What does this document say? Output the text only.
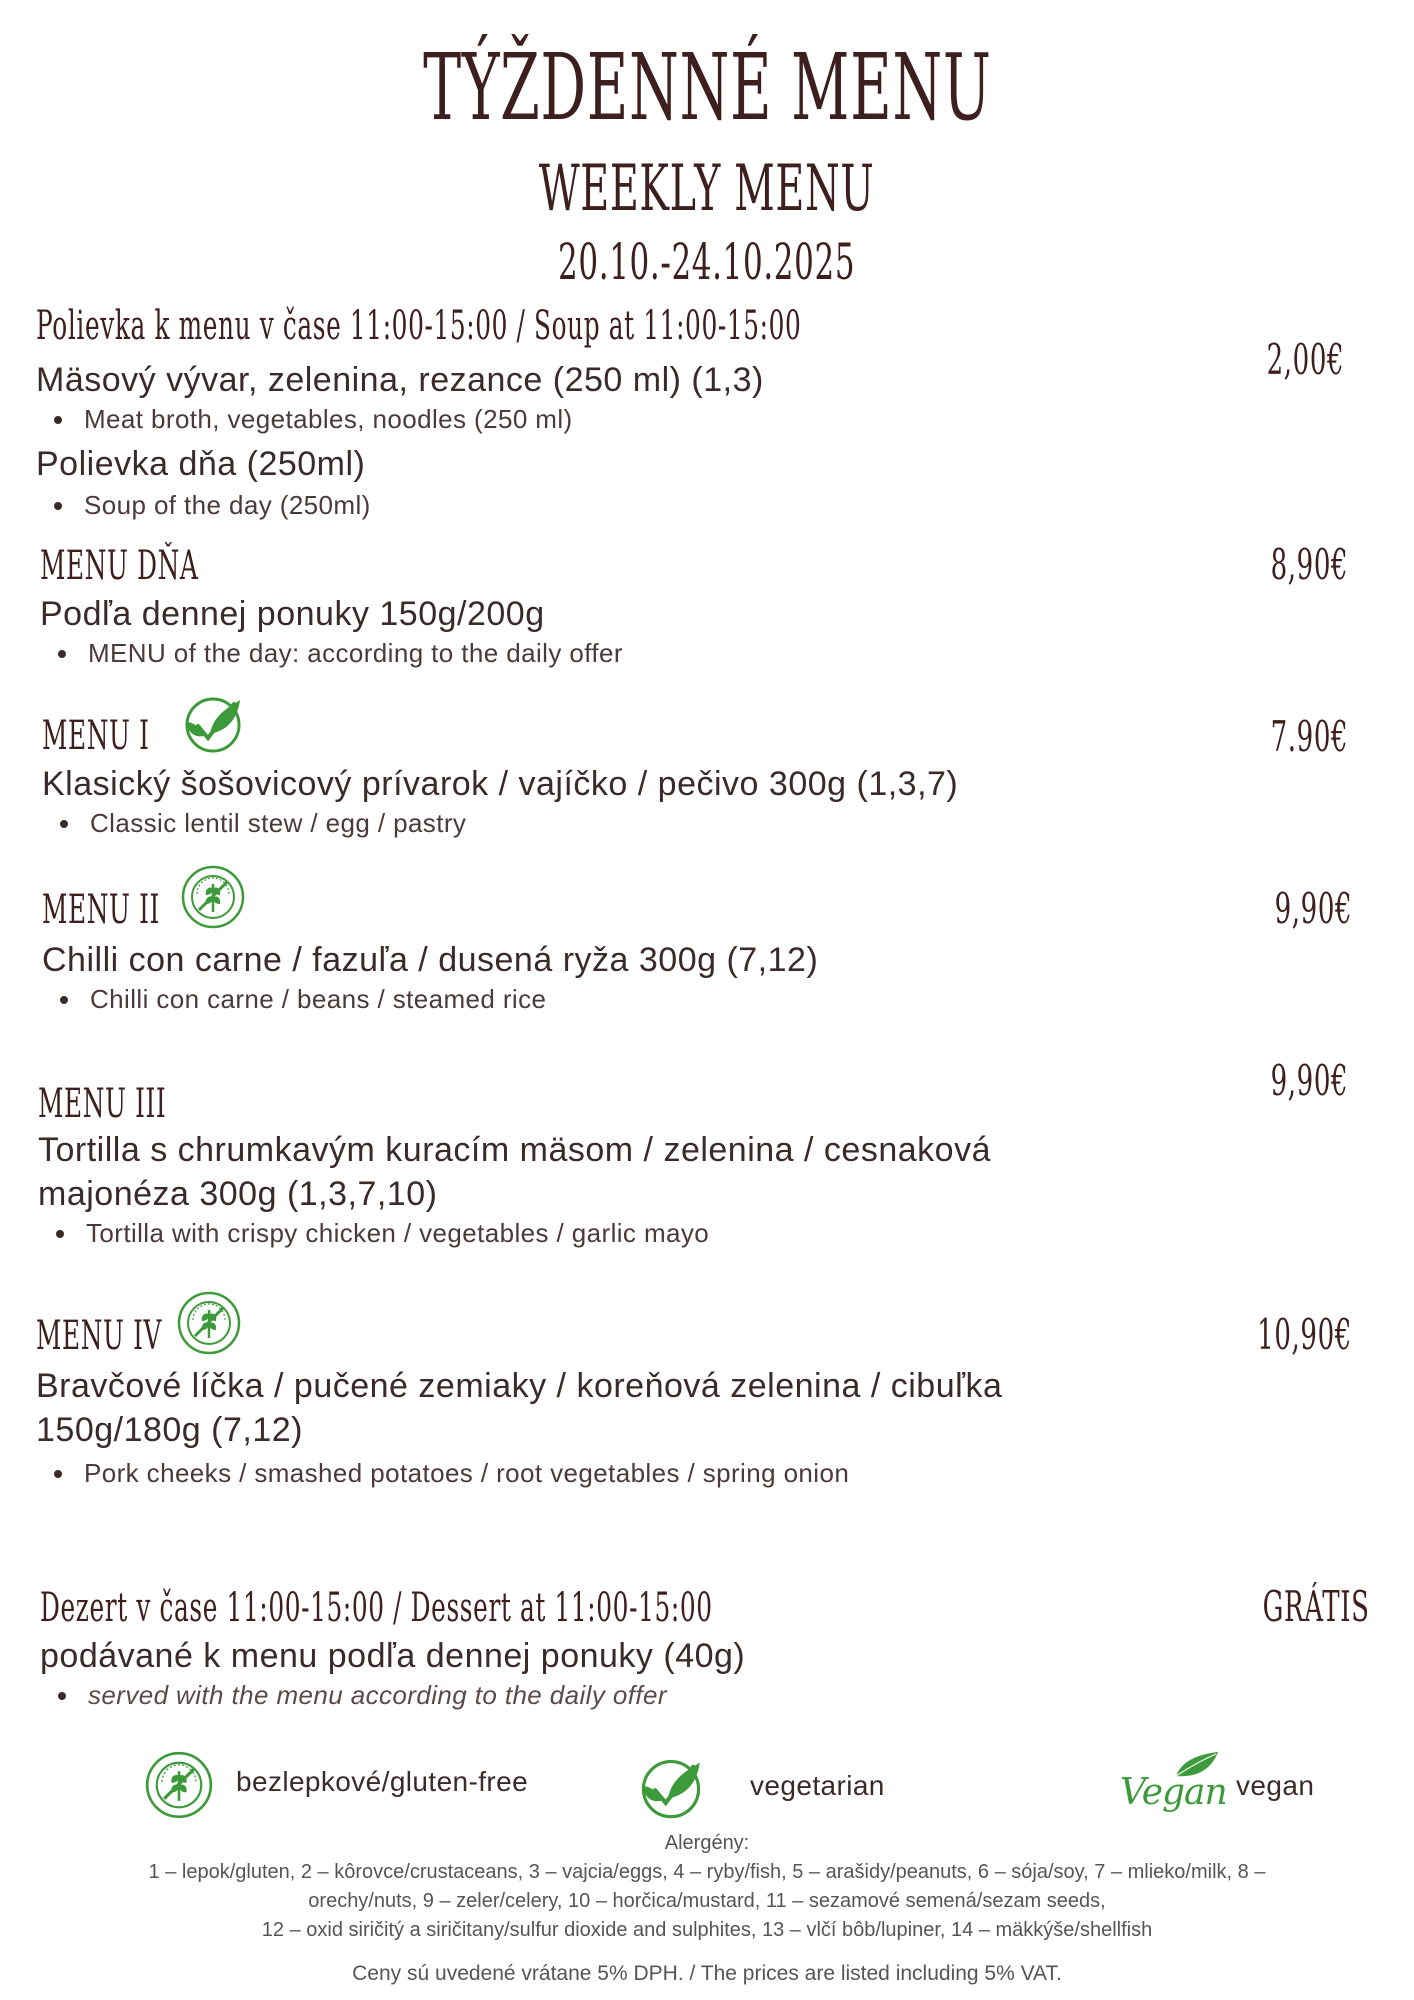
TÝŽDENNÉ MENU
WEEKLY MENU
20.10.-24.10.2025
Polievka k menu v čase 11:00-15:00 / Soup at 11:00-15:00
2,00€
Mäsový vývar, zelenina, rezance (250 ml) (1,3)
Meat broth, vegetables, noodles (250 ml)
Polievka dňa (250ml)
Soup of the day (250ml)
MENU DŇA	8,90€
Podľa dennej ponuky 150g/200g
MENU of the day: according to the daily offer
MENU I	7.90€
Klasický šošovicový prívarok / vajíčko / pečivo 300g (1,3,7)
Classic lentil stew / egg / pastry
MENU II	9,90€
Chilli con carne / fazuľa / dusená ryža 300g (7,12)
Chilli con carne / beans / steamed rice
MENU III	9,90€
Tortilla s chrumkavým kuracím mäsom / zelenina / cesnaková
majonéza 300g (1,3,7,10)
Tortilla with crispy chicken / vegetables / garlic mayo
MENU IV	10,90€
Bravčové líčka / pučené zemiaky / koreňová zelenina / cibuľka
150g/180g (7,12)
Pork cheeks / smashed potatoes / root vegetables / spring onion
Dezert v čase 11:00-15:00 / Dessert at 11:00-15:00	GRÁTIS
podávané k menu podľa dennej ponuky (40g)
served with the menu according to the daily offer
bezlepkové/gluten-free	vegetarian	Vegan vegan
Alergény:
1 – lepok/gluten, 2 – kôrovce/crustaceans, 3 – vajcia/eggs, 4 – ryby/fish, 5 – arašidy/peanuts, 6 – sója/soy, 7 – mlieko/milk, 8 –
orechy/nuts, 9 – zeler/celery, 10 – horčica/mustard, 11 – sezamové semená/sezam seeds,
12 – oxid siričitý a siričitany/sulfur dioxide and sulphites, 13 – vlčí bôb/lupiner, 14 – mäkkýše/shellfish
Ceny sú uvedené vrátane 5% DPH. / The prices are listed including 5% VAT.
